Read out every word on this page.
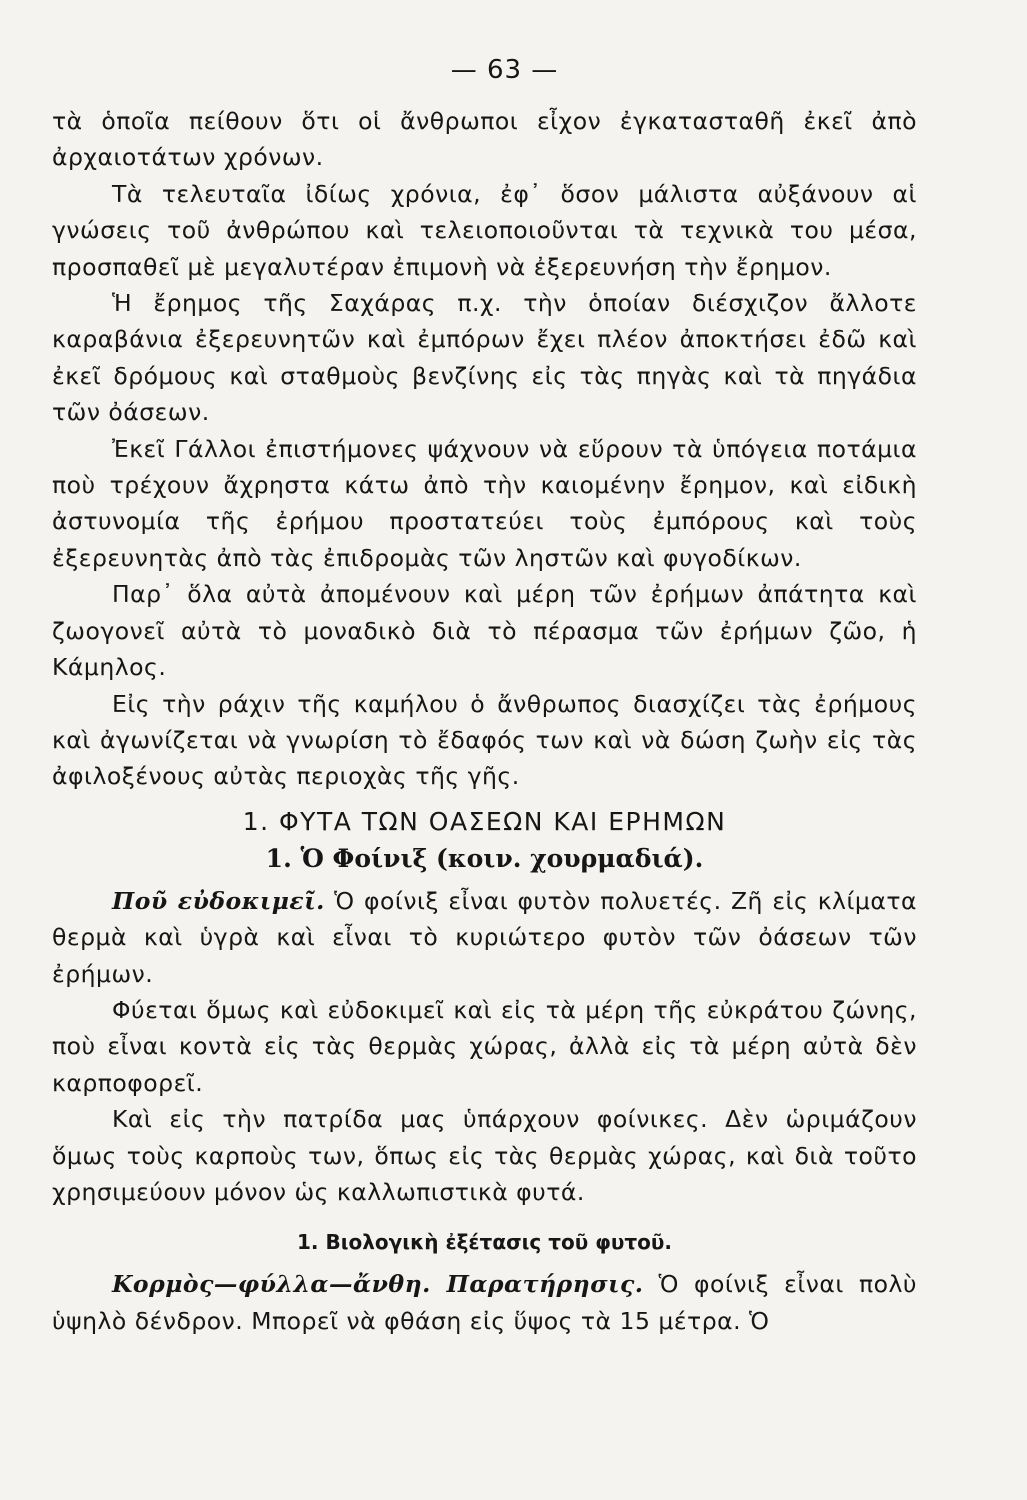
— 63 —

τὰ ὁποῖα πείθουν ὅτι οἱ ἄνθρωποι εἶχον ἐγκατασταθῆ ἐκεῖ ἀπὸ ἀρχαιοτάτων χρόνων.

Τὰ τελευταῖα ἰδίως χρόνια, ἐφ᾿ ὅσον μάλιστα αὐξάνουν αἱ γνώσεις τοῦ ἀνθρώπου καὶ τελειοποιοῦνται τὰ τεχνικὰ του μέσα, προσπαθεῖ μὲ μεγαλυτέραν ἐπιμονὴ νὰ ἐξερευνήση τὴν ἔρημον.

Ἡ ἔρημος τῆς Σαχάρας π.χ. τὴν ὁποίαν διέσχιζον ἄλλοτε καραβάνια ἐξερευνητῶν καὶ ἐμπόρων ἔχει πλέον ἀποκτήσει ἐδῶ καὶ ἐκεῖ δρόμους καὶ σταθμοὺς βενζίνης εἰς τὰς πηγὰς καὶ τὰ πηγάδια τῶν ὀάσεων.

Ἐκεῖ Γάλλοι ἐπιστήμονες ψάχνουν νὰ εὕρουν τὰ ὑπόγεια ποτάμια ποὺ τρέχουν ἄχρηστα κάτω ἀπὸ τὴν καιομένην ἔρημον, καὶ εἰδικὴ ἀστυνομία τῆς ἐρήμου προστατεύει τοὺς ἐμπόρους καὶ τοὺς ἐξερευνητὰς ἀπὸ τὰς ἐπιδρομὰς τῶν ληστῶν καὶ φυγοδίκων.

Παρ᾿ ὅλα αὐτὰ ἀπομένουν καὶ μέρη τῶν ἐρήμων ἀπάτητα καὶ ζωογονεῖ αὐτὰ τὸ μοναδικὸ διὰ τὸ πέρασμα τῶν ἐρήμων ζῶο, ἡ Κάμηλος.

Εἰς τὴν ράχιν τῆς καμήλου ὁ ἄνθρωπος διασχίζει τὰς ἐρήμους καὶ ἀγωνίζεται νὰ γνωρίση τὸ ἔδαφός των καὶ νὰ δώση ζωὴν εἰς τὰς ἀφιλοξένους αὐτὰς περιοχὰς τῆς γῆς.

1. ΦΥΤΑ ΤΩΝ ΟΑΣΕΩΝ ΚΑΙ ΕΡΗΜΩΝ
1. Ὁ Φοίνιξ (κοιν. χουρμαδιά).

Ποῦ εὐδοκιμεῖ. Ὁ φοίνιξ εἶναι φυτὸν πολυετές. Ζῆ εἰς κλίματα θερμὰ καὶ ὑγρὰ καὶ εἶναι τὸ κυριώτερο φυτὸν τῶν ὀάσεων τῶν ἐρήμων.

Φύεται ὅμως καὶ εὐδοκιμεῖ καὶ εἰς τὰ μέρη τῆς εὐκράτου ζώνης, ποὺ εἶναι κοντὰ εἰς τὰς θερμὰς χώρας, ἀλλὰ εἰς τὰ μέρη αὐτὰ δὲν καρποφορεῖ.

Καὶ εἰς τὴν πατρίδα μας ὑπάρχουν φοίνικες. Δὲν ὡριμάζουν ὅμως τοὺς καρποὺς των, ὅπως εἰς τὰς θερμὰς χώρας, καὶ διὰ τοῦτο χρησιμεύουν μόνον ὡς καλλωπιστικὰ φυτά.

1. Βιολογικὴ ἐξέτασις τοῦ φυτοῦ.

Κορμὸς—φύλλα—ἄνθη. Παρατήρησις. Ὁ φοίνιξ εἶναι πολὺ ὑψηλὸ δένδρον. Μπορεῖ νὰ φθάση εἰς ὕψος τὰ 15 μέτρα. Ὁ
